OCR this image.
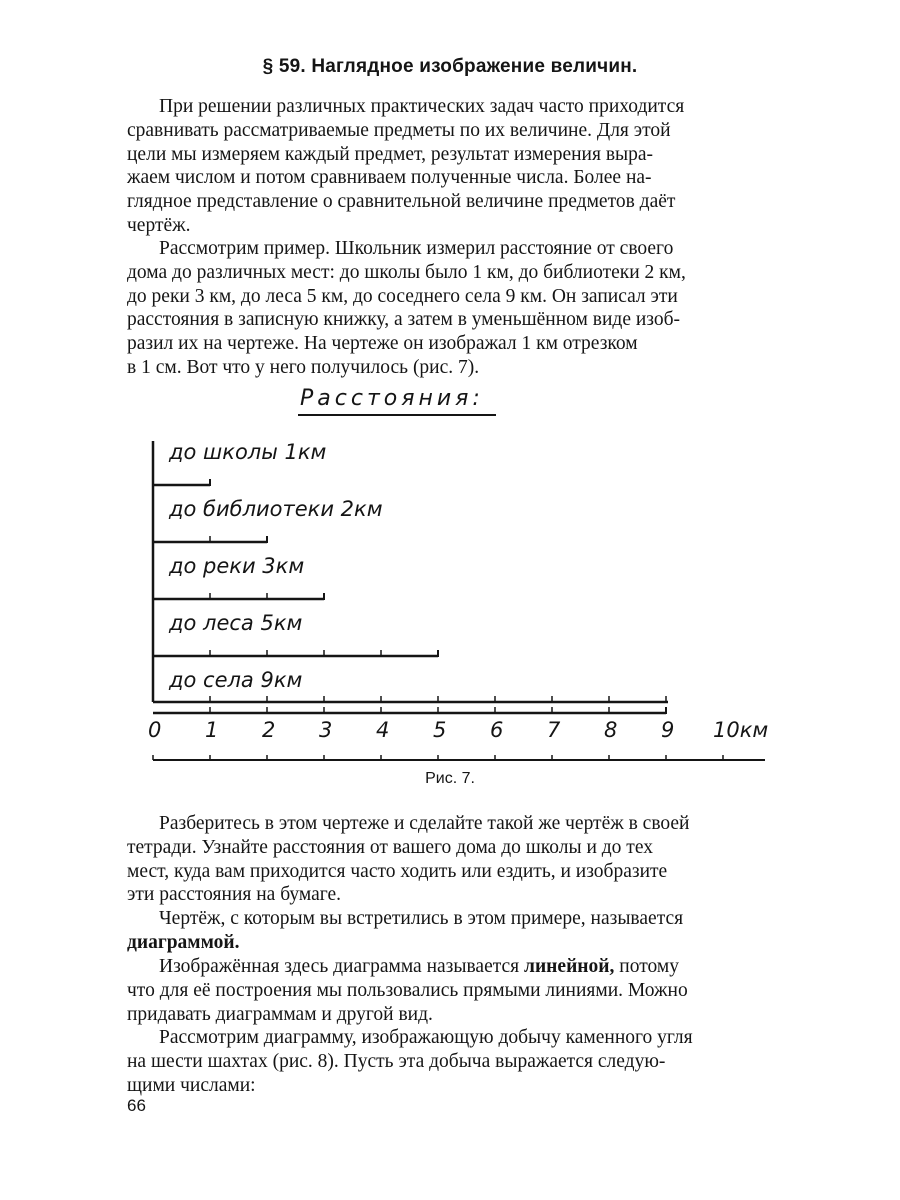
§ 59. Наглядное изображение величин.

При решении различных практических задач часто приходится
сравнивать рассматриваемые предметы по их величине. Для этой
цели мы измеряем каждый предмет, результат измерения выра-
жаем числом и потом сравниваем полученные числа. Более на-
глядное представление о сравнительной величине предметов даёт
чертёж.

Рассмотрим пример. Школьник измерил расстояние от своего
дома до различных мест: до школы было 1 км, до библиотеки 2 км,
до реки 3 км, до леса 5 км, до соседнего села 9 км. Он записал эти
расстояния в записную книжку, а затем в уменьшённом виде изоб-
разил их на чертеже. На чертеже он изображал 1 км отрезком
в 1 см. Вот что у него получилось (рис. 7).

Расстояния:
до школы 1км
до библиотеки 2км
до реки 3км
до леса 5км
до села 9км
0 1 2 3 4 5 6 7 8 9 10км
Рис. 7.

Разберитесь в этом чертеже и сделайте такой же чертёж в своей
тетради. Узнайте расстояния от вашего дома до школы и до тех
мест, куда вам приходится часто ходить или ездить, и изобразите
эти расстояния на бумаге.

Чертёж, с которым вы встретились в этом примере, называется
диаграммой.

Изображённая здесь диаграмма называется линейной, потому
что для её построения мы пользовались прямыми линиями. Можно
придавать диаграммам и другой вид.

Рассмотрим диаграмму, изображающую добычу каменного угля
на шести шахтах (рис. 8). Пусть эта добыча выражается следую-
щими числами:

66
